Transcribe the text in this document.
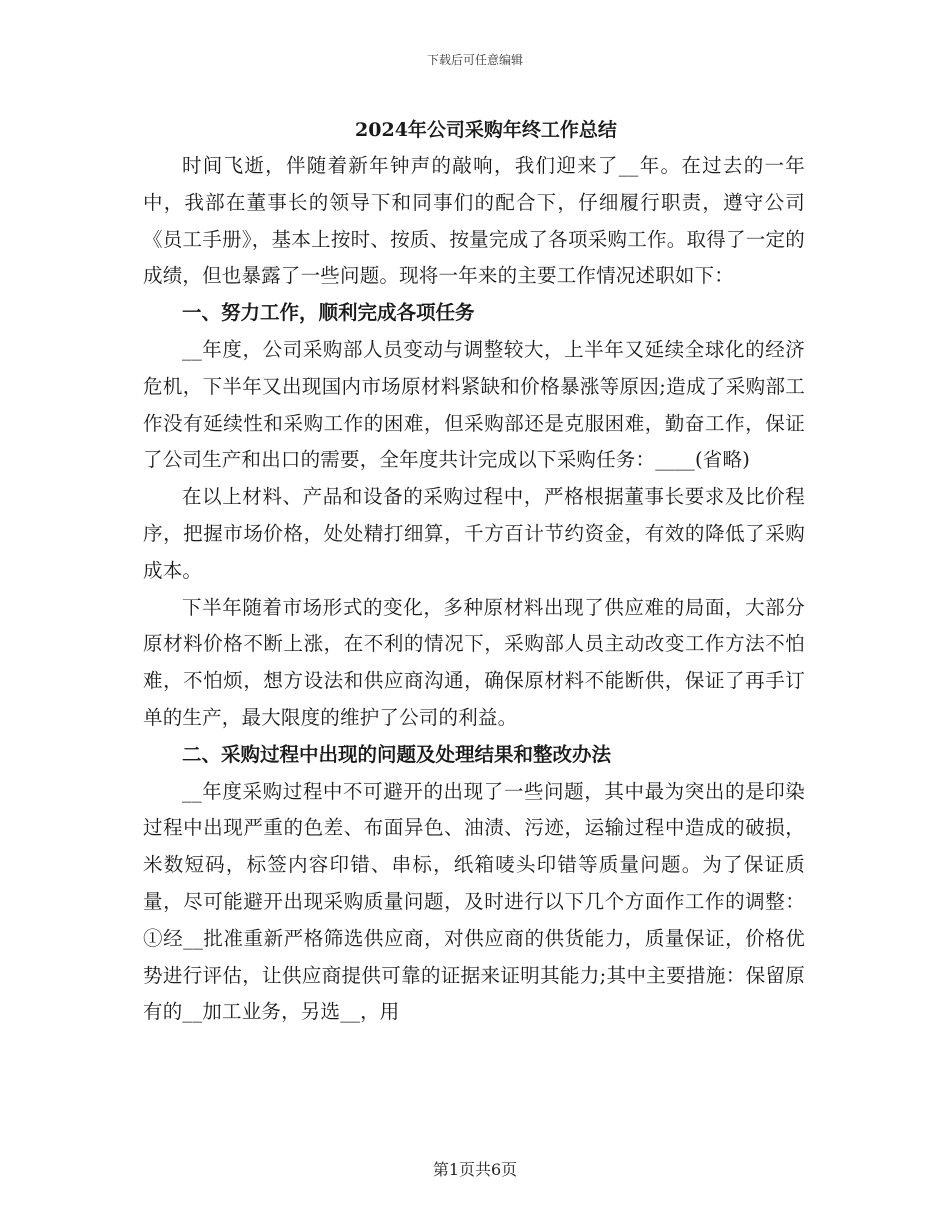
下载后可任意编辑

2024年公司采购年终工作总结

时间飞逝，伴随着新年钟声的敲响，我们迎来了__年。在过去的一年中，我部在董事长的领导下和同事们的配合下，仔细履行职责，遵守公司《员工手册》，基本上按时、按质、按量完成了各项采购工作。取得了一定的成绩，但也暴露了一些问题。现将一年来的主要工作情况述职如下：

一、努力工作，顺利完成各项任务

__年度，公司采购部人员变动与调整较大，上半年又延续全球化的经济危机，下半年又出现国内市场原材料紧缺和价格暴涨等原因;造成了采购部工作没有延续性和采购工作的困难，但采购部还是克服困难，勤奋工作，保证了公司生产和出口的需要，全年度共计完成以下采购任务：____(省略)

在以上材料、产品和设备的采购过程中，严格根据董事长要求及比价程序，把握市场价格，处处精打细算，千方百计节约资金，有效的降低了采购成本。

下半年随着市场形式的变化，多种原材料出现了供应难的局面，大部分原材料价格不断上涨，在不利的情况下，采购部人员主动改变工作方法不怕难，不怕烦，想方设法和供应商沟通，确保原材料不能断供，保证了再手订单的生产，最大限度的维护了公司的利益。

二、采购过程中出现的问题及处理结果和整改办法

__年度采购过程中不可避开的出现了一些问题，其中最为突出的是印染过程中出现严重的色差、布面异色、油渍、污迹，运输过程中造成的破损，米数短码，标签内容印错、串标，纸箱唛头印错等质量问题。为了保证质量，尽可能避开出现采购质量问题，及时进行以下几个方面作工作的调整：①经__批准重新严格筛选供应商，对供应商的供货能力，质量保证，价格优势进行评估，让供应商提供可靠的证据来证明其能力;其中主要措施：保留原有的__加工业务，另选__，用

第1页共6页
